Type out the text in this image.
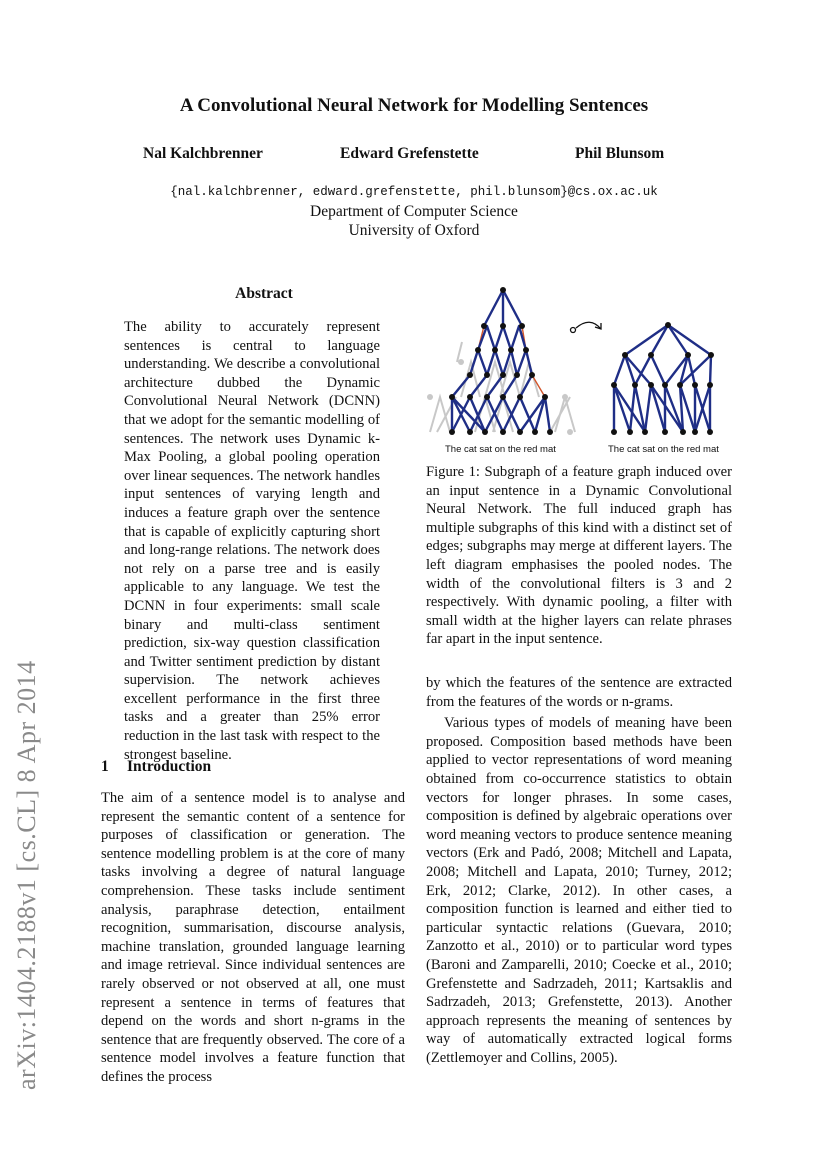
A Convolutional Neural Network for Modelling Sentences
Nal Kalchbrenner	Edward Grefenstette	Phil Blunsom
{nal.kalchbrenner, edward.grefenstette, phil.blunsom}@cs.ox.ac.uk
Department of Computer Science
University of Oxford
arXiv:1404.2188v1 [cs.CL] 8 Apr 2014
Abstract

The ability to accurately represent sentences is central to language understanding. We describe a convolutional architecture dubbed the Dynamic Convolutional Neural Network (DCNN) that we adopt for the semantic modelling of sentences. The network uses Dynamic k-Max Pooling, a global pooling operation over linear sequences. The network handles input sentences of varying length and induces a feature graph over the sentence that is capable of explicitly capturing short and long-range relations. The network does not rely on a parse tree and is easily applicable to any language. We test the DCNN in four experiments: small scale binary and multi-class sentiment prediction, six-way question classification and Twitter sentiment prediction by distant supervision. The network achieves excellent performance in the first three tasks and a greater than 25% error reduction in the last task with respect to the strongest baseline.

1 Introduction

The aim of a sentence model is to analyse and represent the semantic content of a sentence for purposes of classification or generation. The sentence modelling problem is at the core of many tasks involving a degree of natural language comprehension. These tasks include sentiment analysis, paraphrase detection, entailment recognition, summarisation, discourse analysis, machine translation, grounded language learning and image retrieval. Since individual sentences are rarely observed or not observed at all, one must represent a sentence in terms of features that depend on the words and short n-grams in the sentence that are frequently observed. The core of a sentence model involves a feature function that defines the process

The cat sat on the red mat	The cat sat on the red mat

Figure 1: Subgraph of a feature graph induced over an input sentence in a Dynamic Convolutional Neural Network. The full induced graph has multiple subgraphs of this kind with a distinct set of edges; subgraphs may merge at different layers. The left diagram emphasises the pooled nodes. The width of the convolutional filters is 3 and 2 respectively. With dynamic pooling, a filter with small width at the higher layers can relate phrases far apart in the input sentence.

by which the features of the sentence are extracted from the features of the words or n-grams.

Various types of models of meaning have been proposed. Composition based methods have been applied to vector representations of word meaning obtained from co-occurrence statistics to obtain vectors for longer phrases. In some cases, composition is defined by algebraic operations over word meaning vectors to produce sentence meaning vectors (Erk and Padó, 2008; Mitchell and Lapata, 2008; Mitchell and Lapata, 2010; Turney, 2012; Erk, 2012; Clarke, 2012). In other cases, a composition function is learned and either tied to particular syntactic relations (Guevara, 2010; Zanzotto et al., 2010) or to particular word types (Baroni and Zamparelli, 2010; Coecke et al., 2010; Grefenstette and Sadrzadeh, 2011; Kartsaklis and Sadrzadeh, 2013; Grefenstette, 2013). Another approach represents the meaning of sentences by way of automatically extracted logical forms (Zettlemoyer and Collins, 2005).
